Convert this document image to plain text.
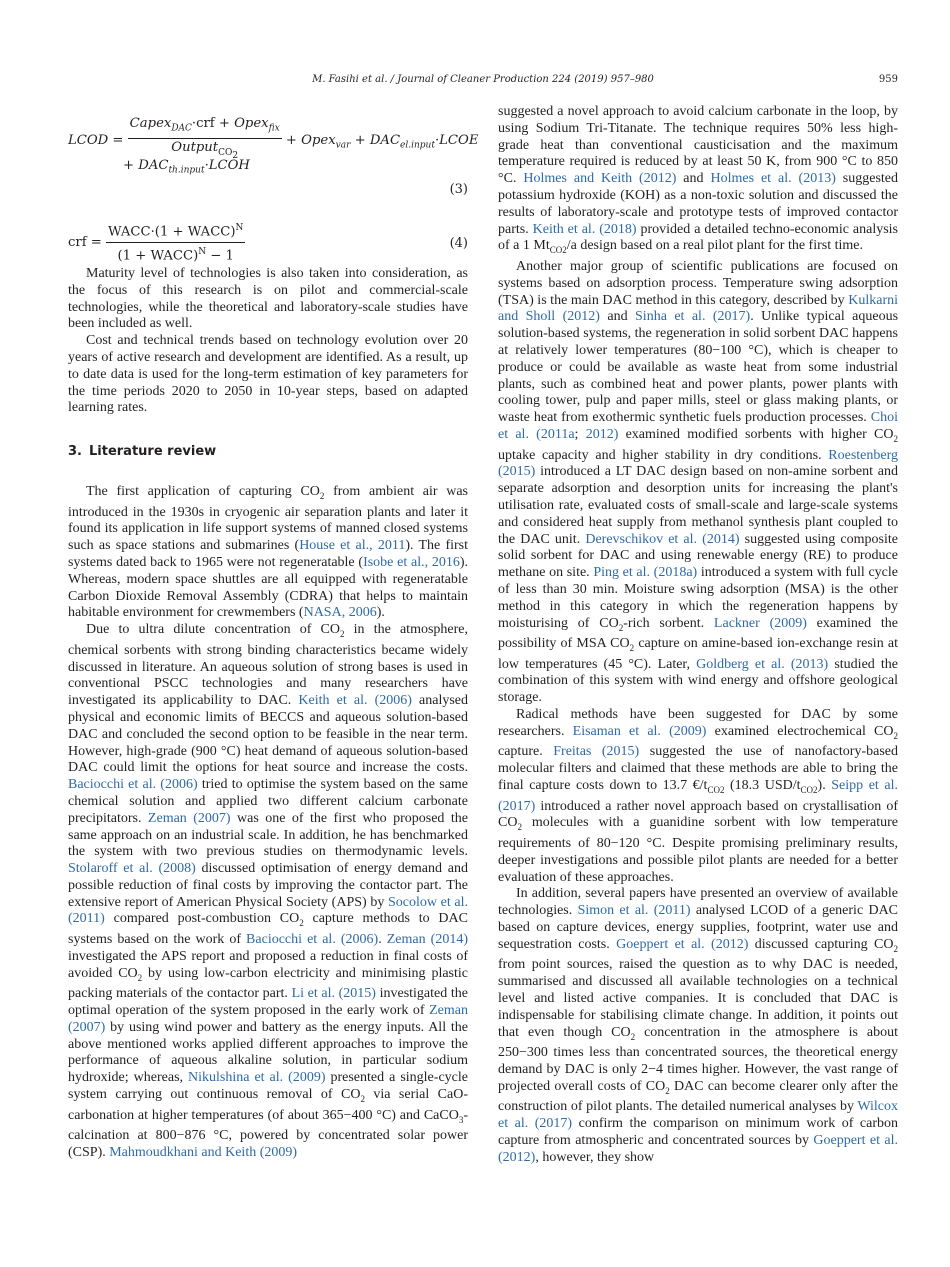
M. Fasihi et al. / Journal of Cleaner Production 224 (2019) 957–980	959
LCOD = $\frac{Capex_{DAC}\cdot crf + Opex_{fix}}{Output_{CO_2}}$ + Opex$_{var}$ + $DAC_{el.input}\cdot LCOE$
+ $DAC_{th.input}\cdot LCOH$
(3)
crf = $\frac{WACC\cdot(1 + WACC)^N}{(1 + WACC)^N - 1}$	(4)

Maturity level of technologies is also taken into consideration, as the focus of this research is on pilot and commercial-scale technologies, while the theoretical and laboratory-scale studies have been included as well.

Cost and technical trends based on technology evolution over 20 years of active research and development are identified. As a result, up to date data is used for the long-term estimation of key parameters for the time periods 2020 to 2050 in 10-year steps, based on adapted learning rates.

3. Literature review

The first application of capturing $CO_2$ from ambient air was introduced in the 1930s in cryogenic air separation plants and later it found its application in life support systems of manned closed systems such as space stations and submarines (House et al., 2011). The first systems dated back to 1965 were not regeneratable (Isobe et al., 2016). Whereas, modern space shuttles are all equipped with regeneratable Carbon Dioxide Removal Assembly (CDRA) that helps to maintain habitable environment for crewmembers (NASA, 2006).

Due to ultra dilute concentration of $CO_2$ in the atmosphere, chemical sorbents with strong binding characteristics became widely discussed in literature. An aqueous solution of strong bases is used in conventional PSCC technologies and many researchers have investigated its applicability to DAC. Keith et al. (2006) analysed physical and economic limits of BECCS and aqueous solution-based DAC and concluded the second option to be feasible in the near term. However, high-grade (900 °C) heat demand of aqueous solution-based DAC could limit the options for heat source and increase the costs. Baciocchi et al. (2006) tried to optimise the system based on the same chemical solution and applied two different calcium carbonate precipitators. Zeman (2007) was one of the first who proposed the same approach on an industrial scale. In addition, he has benchmarked the system with two previous studies on thermodynamic levels. Stolaroff et al. (2008) discussed optimisation of energy demand and possible reduction of final costs by improving the contactor part. The extensive report of American Physical Society (APS) by Socolow et al. (2011) compared post-combustion $CO_2$ capture methods to DAC systems based on the work of Baciocchi et al. (2006). Zeman (2014) investigated the APS report and proposed a reduction in final costs of avoided $CO_2$ by using low-carbon electricity and minimising plastic packing materials of the contactor part. Li et al. (2015) investigated the optimal operation of the system proposed in the early work of Zeman (2007) by using wind power and battery as the energy inputs. All the above mentioned works applied different approaches to improve the performance of aqueous alkaline solution, in particular sodium hydroxide; whereas, Nikulshina et al. (2009) presented a single-cycle system carrying out continuous removal of $CO_2$ via serial CaO-carbonation at higher temperatures (of about 365−400 °C) and CaCO$_3$-calcination at 800−876 °C, powered by concentrated solar power (CSP). Mahmoudkhani and Keith (2009)

suggested a novel approach to avoid calcium carbonate in the loop, by using Sodium Tri-Titanate. The technique requires 50% less high-grade heat than conventional causticisation and the maximum temperature required is reduced by at least 50 K, from 900 °C to 850 °C. Holmes and Keith (2012) and Holmes et al. (2013) suggested potassium hydroxide (KOH) as a non-toxic solution and discussed the results of laboratory-scale and prototype tests of improved contactor parts. Keith et al. (2018) provided a detailed techno-economic analysis of a 1 $Mt_{CO2}/a$ design based on a real pilot plant for the first time.

Another major group of scientific publications are focused on systems based on adsorption process. Temperature swing adsorption (TSA) is the main DAC method in this category, described by Kulkarni and Sholl (2012) and Sinha et al. (2017). Unlike typical aqueous solution-based systems, the regeneration in solid sorbent DAC happens at relatively lower temperatures (80−100 °C), which is cheaper to produce or could be available as waste heat from some industrial plants, such as combined heat and power plants, power plants with cooling tower, pulp and paper mills, steel or glass making plants, or waste heat from exothermic synthetic fuels production processes. Choi et al. (2011a; 2012) examined modified sorbents with higher $CO_2$ uptake capacity and higher stability in dry conditions. Roestenberg (2015) introduced a LT DAC design based on non-amine sorbent and separate adsorption and desorption units for increasing the plant's utilisation rate, evaluated costs of small-scale and large-scale systems and considered heat supply from methanol synthesis plant coupled to the DAC unit. Derevschikov et al. (2014) suggested using composite solid sorbent for DAC and using renewable energy (RE) to produce methane on site. Ping et al. (2018a) introduced a system with full cycle of less than 30 min. Moisture swing adsorption (MSA) is the other method in this category in which the regeneration happens by moisturising of $CO_2$-rich sorbent. Lackner (2009) examined the possibility of MSA $CO_2$ capture on amine-based ion-exchange resin at low temperatures (45 °C). Later, Goldberg et al. (2013) studied the combination of this system with wind energy and offshore geological storage.

Radical methods have been suggested for DAC by some researchers. Eisaman et al. (2009) examined electrochemical $CO_2$ capture. Freitas (2015) suggested the use of nanofactory-based molecular filters and claimed that these methods are able to bring the final capture costs down to 13.7 $€/t_{CO2}$ (18.3 USD/$t_{CO2}$). Seipp et al. (2017) introduced a rather novel approach based on crystallisation of $CO_2$ molecules with a guanidine sorbent with low temperature requirements of 80−120 °C. Despite promising preliminary results, deeper investigations and possible pilot plants are needed for a better evaluation of these approaches.

In addition, several papers have presented an overview of available technologies. Simon et al. (2011) analysed LCOD of a generic DAC based on capture devices, energy supplies, footprint, water use and sequestration costs. Goeppert et al. (2012) discussed capturing $CO_2$ from point sources, raised the question as to why DAC is needed, summarised and discussed all available technologies on a technical level and listed active companies. It is concluded that DAC is indispensable for stabilising climate change. In addition, it points out that even though $CO_2$ concentration in the atmosphere is about 250−300 times less than concentrated sources, the theoretical energy demand by DAC is only 2−4 times higher. However, the vast range of projected overall costs of $CO_2$ DAC can become clearer only after the construction of pilot plants. The detailed numerical analyses by Wilcox et al. (2017) confirm the comparison on minimum work of carbon capture from atmospheric and concentrated sources by Goeppert et al. (2012), however, they show
